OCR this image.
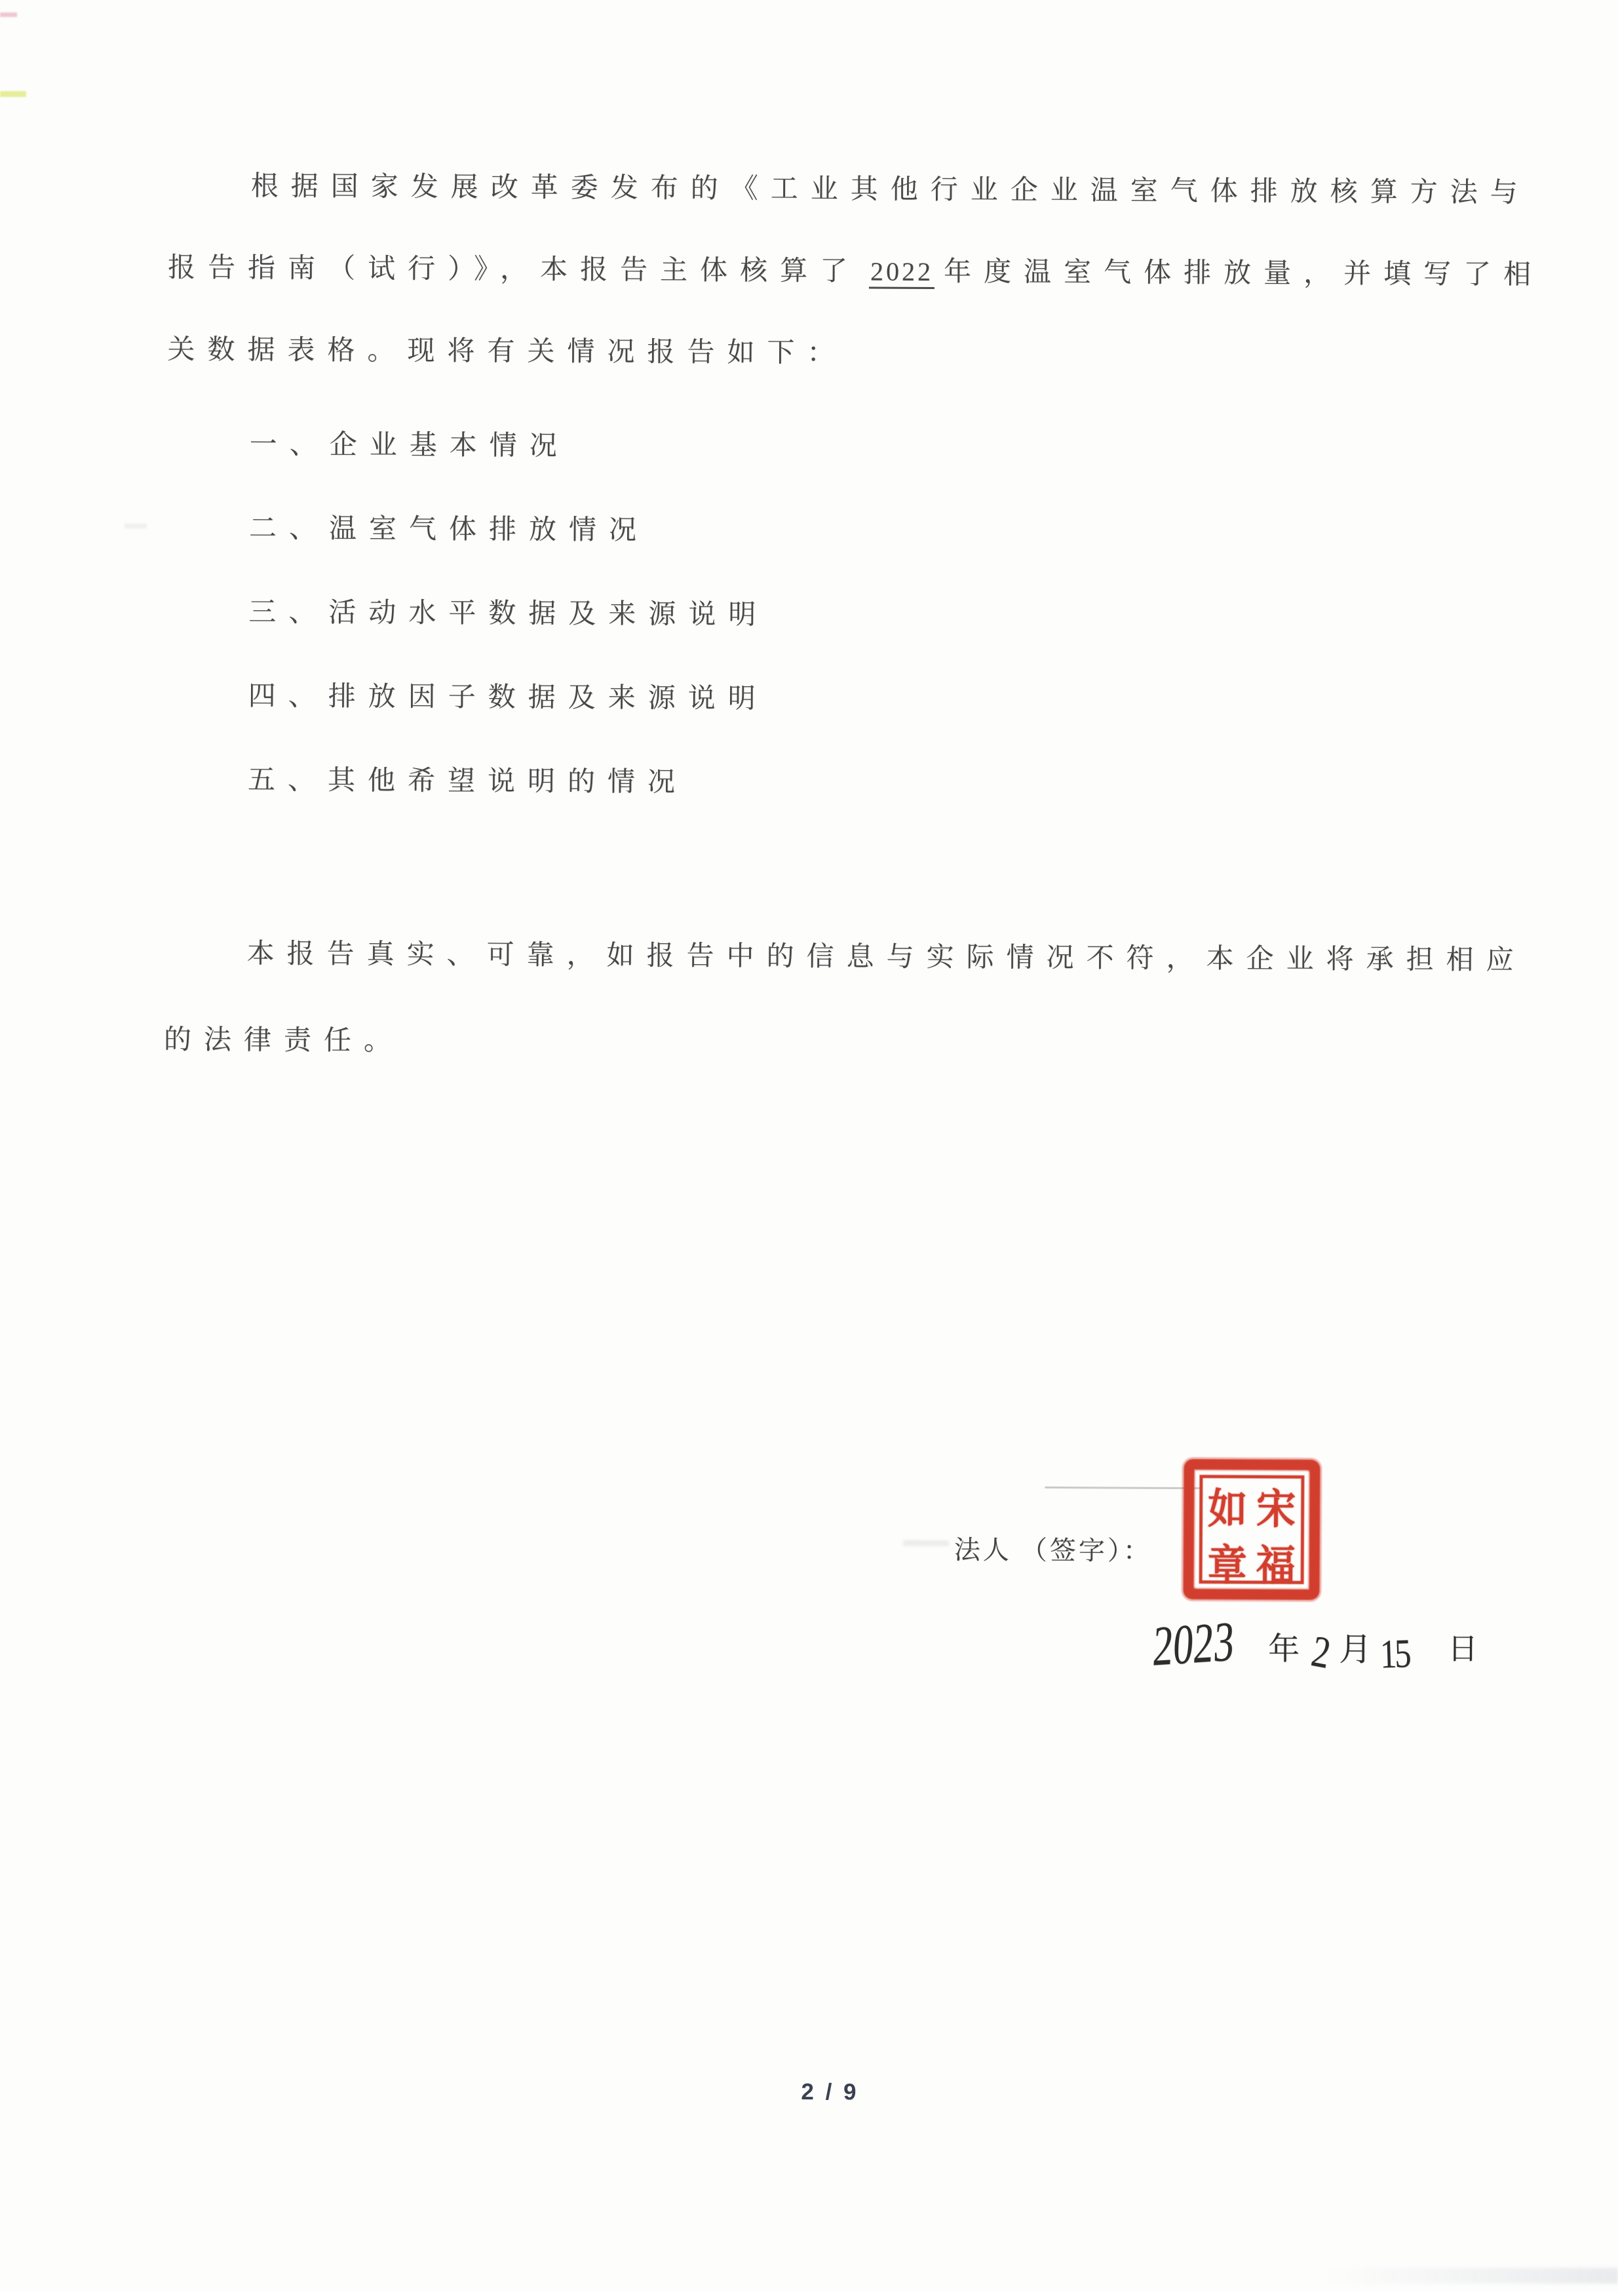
根据国家发展改革委发布的《工业其他行业企业温室气体排放核算方法与
报告指南（试行）》，本报告主体核算了 2022 年度温室气体排放量，并填写了相
关数据表格。现将有关情况报告如下：
一、企业基本情况
二、温室气体排放情况
三、活动水平数据及来源说明
四、排放因子数据及来源说明
五、其他希望说明的情况
本报告真实、可靠，如报告中的信息与实际情况不符，本企业将承担相应
的法律责任。
法人 （签字）：
如 宋
章 福
2023 年 2 月 15 日
2 / 9
